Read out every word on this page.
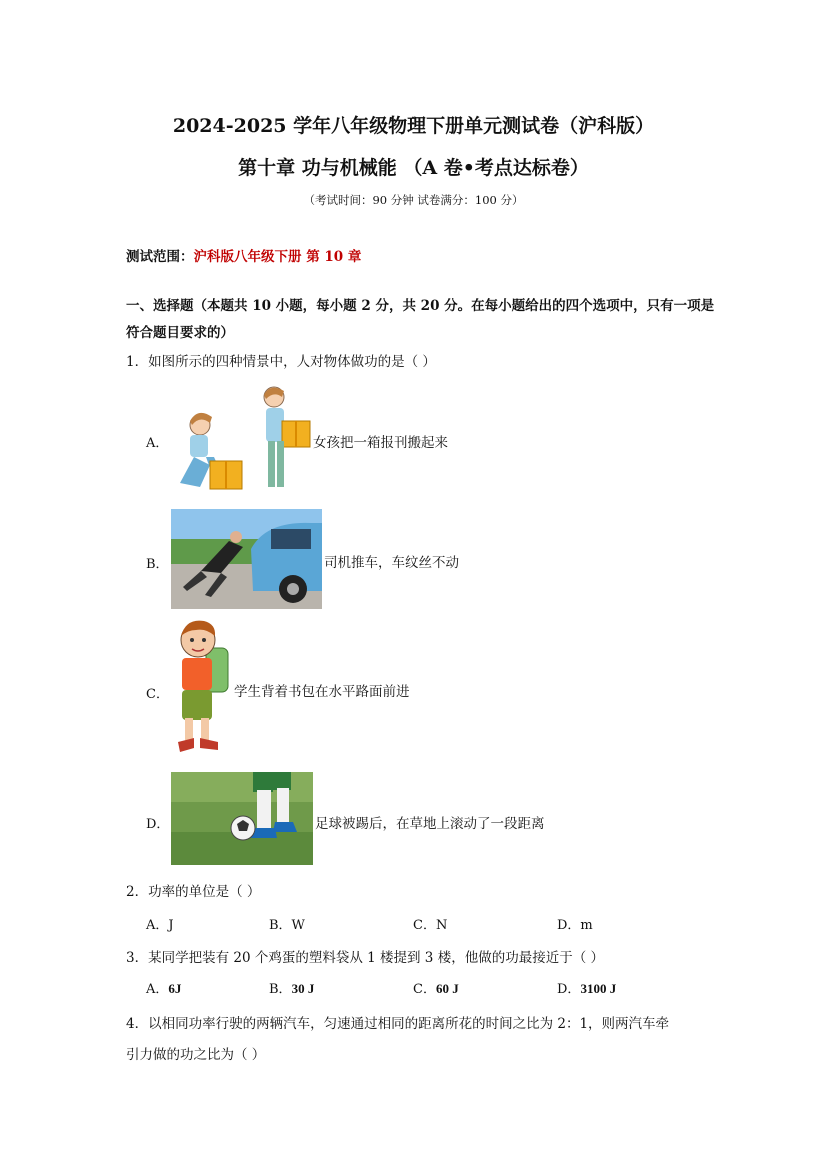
2024-2025 学年八年级物理下册单元测试卷（沪科版）
第十章 功与机械能 （A 卷•考点达标卷）
（考试时间：90 分钟 试卷满分：100 分）
测试范围：沪科版八年级下册 第 10 章
一、选择题（本题共 10 小题，每小题 2 分，共 20 分。在每小题给出的四个选项中，只有一项是符合题目要求的）
1．如图所示的四种情景中，人对物体做功的是（ ）
A．	女孩把一箱报刊搬起来
B．	司机推车，车纹丝不动
C．	学生背着书包在水平路面前进
D．	足球被踢后，在草地上滚动了一段距离
2．功率的单位是（ ）
A．J	B．W	C．N	D．m
3．某同学把装有 20 个鸡蛋的塑料袋从 1 楼提到 3 楼，他做的功最接近于（ ）
A．6J	B．30 J	C．60 J	D．3100 J
4．以相同功率行驶的两辆汽车，匀速通过相同的距离所花的时间之比为 2：1，则两汽车牵
引力做的功之比为（ ）
